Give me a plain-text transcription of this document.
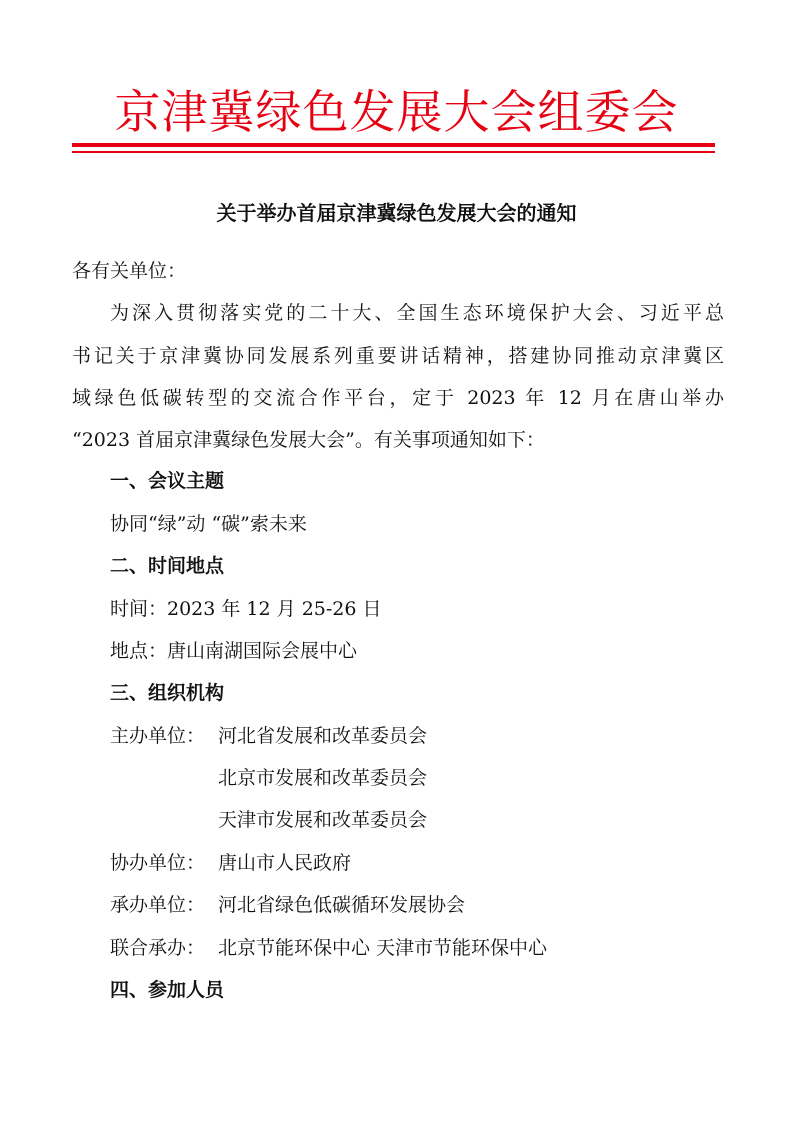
京津冀绿色发展大会组委会
关于举办首届京津冀绿色发展大会的通知
各有关单位：
为深入贯彻落实党的二十大、全国生态环境保护大会、习近平总
书记关于京津冀协同发展系列重要讲话精神，搭建协同推动京津冀区
域绿色低碳转型的交流合作平台，定于 2023 年 12 月在唐山举办
“2023 首届京津冀绿色发展大会”。有关事项通知如下：
一、会议主题
协同“绿”动 “碳”索未来
二、时间地点
时间：2023 年 12 月 25-26 日
地点：唐山南湖国际会展中心
三、组织机构
主办单位： 河北省发展和改革委员会
北京市发展和改革委员会
天津市发展和改革委员会
协办单位： 唐山市人民政府
承办单位： 河北省绿色低碳循环发展协会
联合承办： 北京节能环保中心 天津市节能环保中心
四、参加人员
